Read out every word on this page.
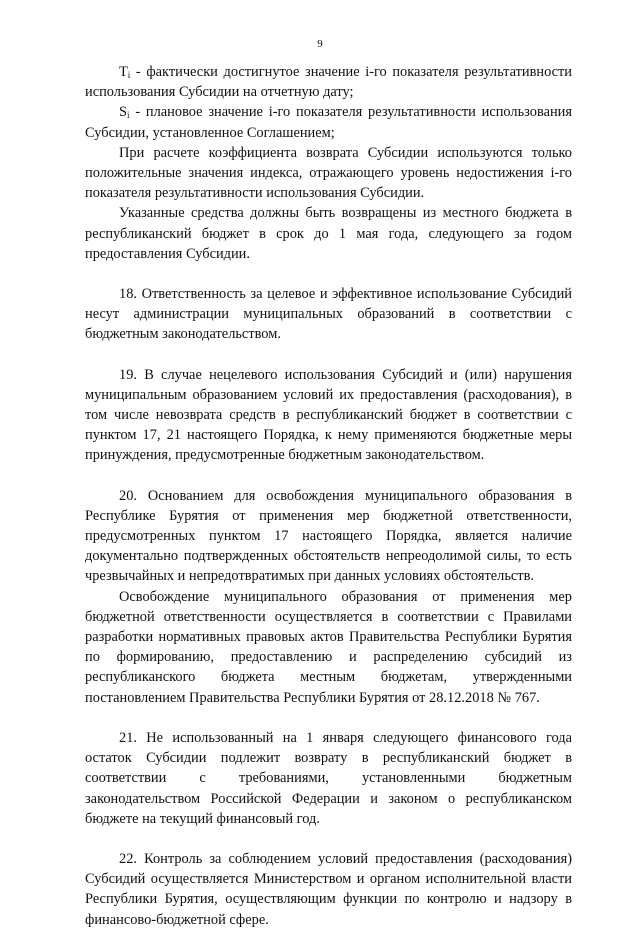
9

$T_i$ - фактически достигнутое значение i-го показателя результативности использования Субсидии на отчетную дату;

$S_i$ - плановое значение i-го показателя результативности использования Субсидии, установленное Соглашением;

При расчете коэффициента возврата Субсидии используются только положительные значения индекса, отражающего уровень недостижения i-го показателя результативности использования Субсидии.

Указанные средства должны быть возвращены из местного бюджета в республиканский бюджет в срок до 1 мая года, следующего за годом предоставления Субсидии.

18. Ответственность за целевое и эффективное использование Субсидий несут администрации муниципальных образований в соответствии с бюджетным законодательством.

19. В случае нецелевого использования Субсидий и (или) нарушения муниципальным образованием условий их предоставления (расходования), в том числе невозврата средств в республиканский бюджет в соответствии с пунктом 17, 21 настоящего Порядка, к нему применяются бюджетные меры принуждения, предусмотренные бюджетным законодательством.

20. Основанием для освобождения муниципального образования в Республике Бурятия от применения мер бюджетной ответственности, предусмотренных пунктом 17 настоящего Порядка, является наличие документально подтвержденных обстоятельств непреодолимой силы, то есть чрезвычайных и непредотвратимых при данных условиях обстоятельств.

Освобождение муниципального образования от применения мер бюджетной ответственности осуществляется в соответствии с Правилами разработки нормативных правовых актов Правительства Республики Бурятия по формированию, предоставлению и распределению субсидий из республиканского бюджета местным бюджетам, утвержденными постановлением Правительства Республики Бурятия от 28.12.2018 № 767.

21. Не использованный на 1 января следующего финансового года остаток Субсидии подлежит возврату в республиканский бюджет в соответствии с требованиями, установленными бюджетным законодательством Российской Федерации и законом о республиканском бюджете на текущий финансовый год.

22. Контроль за соблюдением условий предоставления (расходования) Субсидий осуществляется Министерством и органом исполнительной власти Республики Бурятия, осуществляющим функции по контролю и надзору в финансово-бюджетной сфере.
